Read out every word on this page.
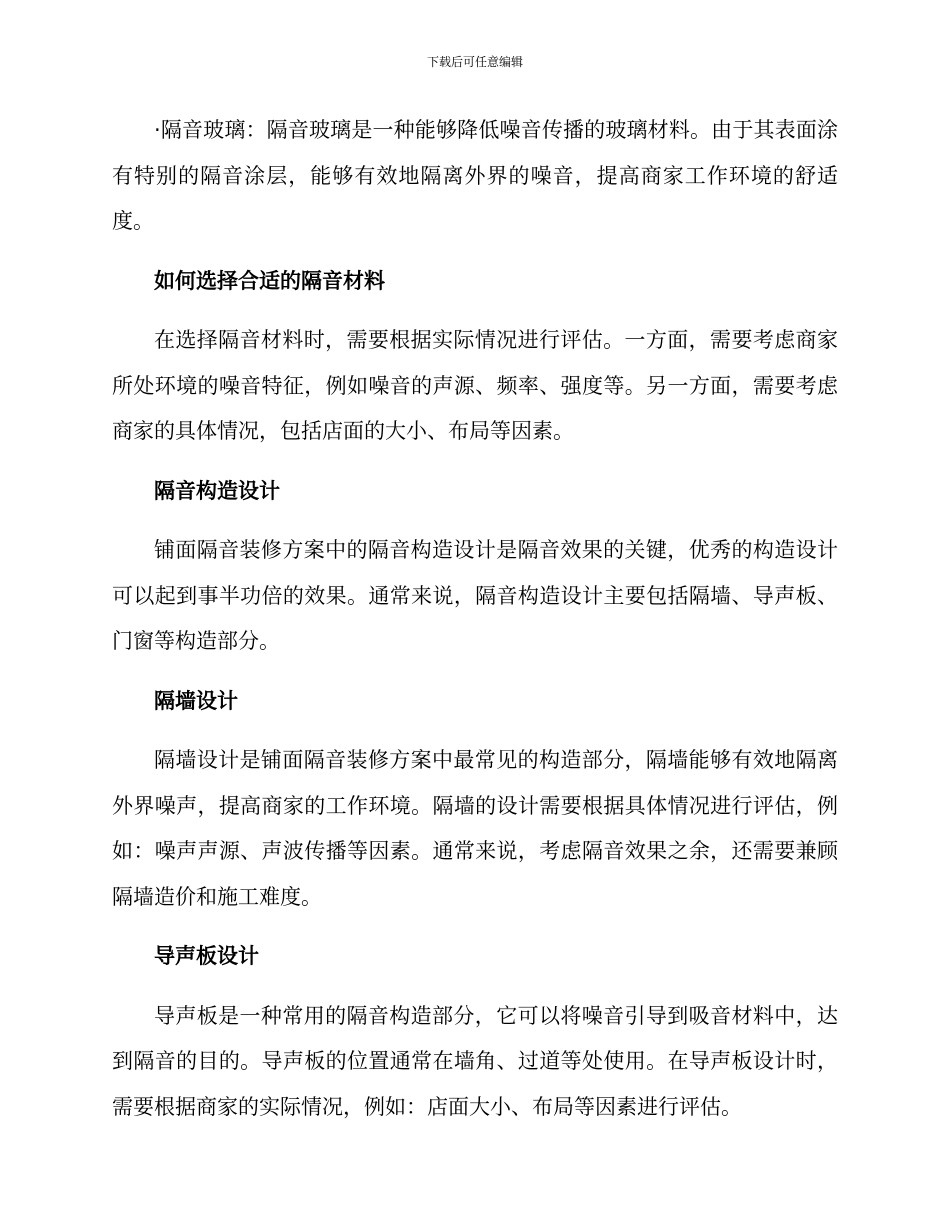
下载后可任意编辑

·隔音玻璃：隔音玻璃是一种能够降低噪音传播的玻璃材料。由于其表面涂有特别的隔音涂层，能够有效地隔离外界的噪音，提高商家工作环境的舒适度。

如何选择合适的隔音材料

在选择隔音材料时，需要根据实际情况进行评估。一方面，需要考虑商家所处环境的噪音特征，例如噪音的声源、频率、强度等。另一方面，需要考虑商家的具体情况，包括店面的大小、布局等因素。

隔音构造设计

铺面隔音装修方案中的隔音构造设计是隔音效果的关键，优秀的构造设计可以起到事半功倍的效果。通常来说，隔音构造设计主要包括隔墙、导声板、门窗等构造部分。

隔墙设计

隔墙设计是铺面隔音装修方案中最常见的构造部分，隔墙能够有效地隔离外界噪声，提高商家的工作环境。隔墙的设计需要根据具体情况进行评估，例如：噪声声源、声波传播等因素。通常来说，考虑隔音效果之余，还需要兼顾隔墙造价和施工难度。

导声板设计

导声板是一种常用的隔音构造部分，它可以将噪音引导到吸音材料中，达到隔音的目的。导声板的位置通常在墙角、过道等处使用。在导声板设计时，需要根据商家的实际情况，例如：店面大小、布局等因素进行评估。
